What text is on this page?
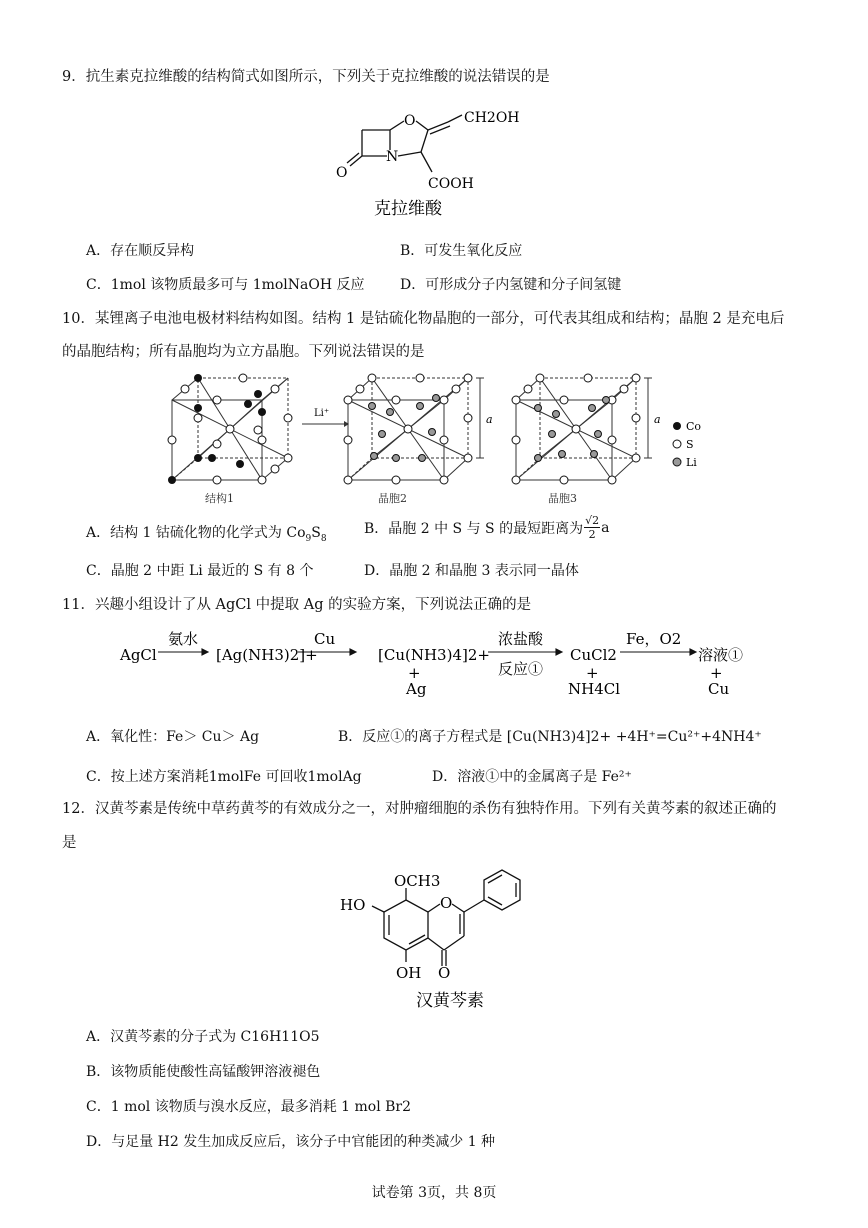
9．抗生素克拉维酸的结构简式如图所示，下列关于克拉维酸的说法错误的是
O	CH2OH
N
O
COOH
克拉维酸
A．存在顺反异构	B．可发生氧化反应
C．1mol 该物质最多可与 1molNaOH 反应	D．可形成分子内氢键和分子间氢键
10．某锂离子电池电极材料结构如图。结构 1 是钴硫化物晶胞的一部分，可代表其组成和结构；晶胞 2 是充电后
的晶胞结构；所有晶胞均为立方晶胞。下列说法错误的是
Li⁺	a	a
Co
S
Li
结构1	晶胞2	晶胞3
A．结构 1 钴硫化物的化学式为 $Co_9S_8$
B．晶胞 2 中 S 与 S 的最短距离为 √2
2 a
C．晶胞 2 中距 Li 最近的 S 有 8 个	D．晶胞 2 和晶胞 3 表示同一晶体
11．兴趣小组设计了从 AgCl 中提取 Ag 的实验方案，下列说法正确的是
AgCl
氨水
[Ag(NH3)2]+
Cu
[Cu(NH3)4]2+
+
Ag
浓盐酸
反应①
CuCl2
+
NH4Cl
Fe，O2
溶液①
+
Cu
A．氧化性：Fe＞ Cu＞ Ag	B．反应①的离子方程式是 [Cu(NH3)4]2+ +4H⁺=Cu²⁺+4NH4⁺
C．按上述方案消耗1molFe 可回收1molAg	D．溶液①中的金属离子是 Fe²⁺
12．汉黄芩素是传统中草药黄芩的有效成分之一，对肿瘤细胞的杀伤有独特作用。下列有关黄芩素的叙述正确的
是
OCH3
HO	O
OH O
汉黄芩素
A．汉黄芩素的分子式为 C16H11O5
B．该物质能使酸性高锰酸钾溶液褪色
C．1 mol 该物质与溴水反应，最多消耗 1 mol Br2
D．与足量 H2 发生加成反应后，该分子中官能团的种类减少 1 种
试卷第 3页，共 8页
